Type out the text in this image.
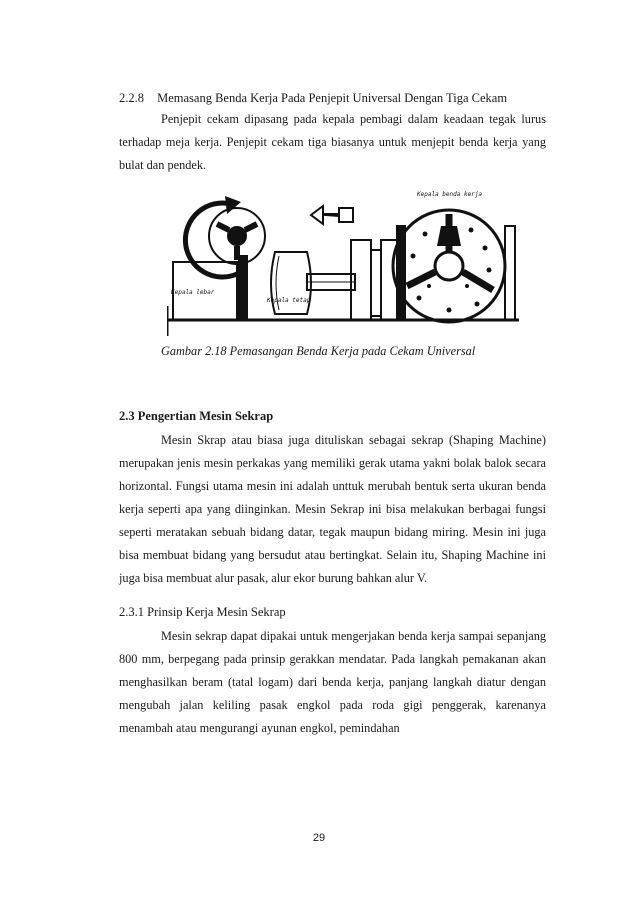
2.2.8 Memasang Benda Kerja Pada Penjepit Universal Dengan Tiga Cekam

Penjepit cekam dipasang pada kepala pembagi dalam keadaan tegak lurus terhadap meja kerja. Penjepit cekam tiga biasanya untuk menjepit benda kerja yang bulat dan pendek.

Kepala lebar
Kepala tetap
Kepala benda kerja
Gambar 2.18 Pemasangan Benda Kerja pada Cekam Universal
2.3 Pengertian Mesin Sekrap

Mesin Skrap atau biasa juga dituliskan sebagai sekrap (Shaping Machine) merupakan jenis mesin perkakas yang memiliki gerak utama yakni bolak balok secara horizontal. Fungsi utama mesin ini adalah unttuk merubah bentuk serta ukuran benda kerja seperti apa yang diinginkan. Mesin Sekrap ini bisa melakukan berbagai fungsi seperti meratakan sebuah bidang datar, tegak maupun bidang miring. Mesin ini juga bisa membuat bidang yang bersudut atau bertingkat. Selain itu, Shaping Machine ini juga bisa membuat alur pasak, alur ekor burung bahkan alur V.

2.3.1 Prinsip Kerja Mesin Sekrap

Mesin sekrap dapat dipakai untuk mengerjakan benda kerja sampai sepanjang 800 mm, berpegang pada prinsip gerakkan mendatar. Pada langkah pemakanan akan menghasilkan beram (tatal logam) dari benda kerja, panjang langkah diatur dengan mengubah jalan keliling pasak engkol pada roda gigi penggerak, karenanya menambah atau mengurangi ayunan engkol, pemindahan

29
